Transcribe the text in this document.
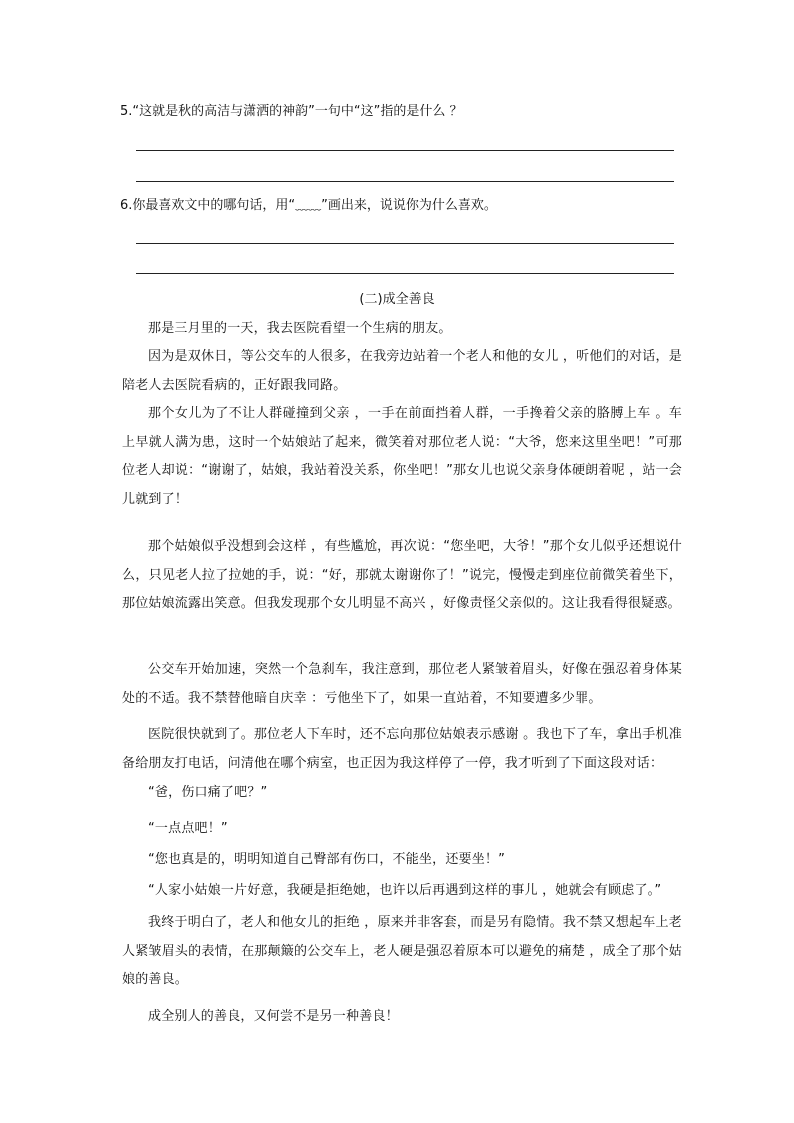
5.“这就是秋的高洁与潇洒的神韵”一句中“这”指的是什么 ？
6.你最喜欢文中的哪句话，用“﹏﹏”画出来，说说你为什么喜欢。
(二)成全善良

那是三月里的一天，我去医院看望一个生病的朋友。

因为是双休日，等公交车的人很多，在我旁边站着一个老人和他的女儿 ，听他们的对话，是陪老人去医院看病的，正好跟我同路。

那个女儿为了不让人群碰撞到父亲 ，一手在前面挡着人群，一手搀着父亲的胳膊上车 。车上早就人满为患，这时一个姑娘站了起来，微笑着对那位老人说：“大爷，您来这里坐吧！”可那位老人却说：“谢谢了，姑娘，我站着没关系，你坐吧！”那女儿也说父亲身体硬朗着呢 ，站一会儿就到了！

那个姑娘似乎没想到会这样 ，有些尴尬，再次说：“您坐吧，大爷！”那个女儿似乎还想说什么，只见老人拉了拉她的手，说：“好，那就太谢谢你了！”说完，慢慢走到座位前微笑着坐下，那位姑娘流露出笑意。但我发现那个女儿明显不高兴 ，好像责怪父亲似的。这让我看得很疑惑。

公交车开始加速，突然一个急刹车，我注意到，那位老人紧皱着眉头，好像在强忍着身体某处的不适。我不禁替他暗自庆幸 ：亏他坐下了，如果一直站着，不知要遭多少罪。

医院很快就到了。那位老人下车时，还不忘向那位姑娘表示感谢 。我也下了车，拿出手机准备给朋友打电话，问清他在哪个病室，也正因为我这样停了一停，我才听到了下面这段对话：

“爸，伤口痛了吧？”

“一点点吧！”

“您也真是的，明明知道自己臀部有伤口，不能坐，还要坐！”

“人家小姑娘一片好意，我硬是拒绝她，也许以后再遇到这样的事儿 ，她就会有顾虑了。”

我终于明白了，老人和他女儿的拒绝 ，原来并非客套，而是另有隐情。我不禁又想起车上老人紧皱眉头的表情，在那颠簸的公交车上，老人硬是强忍着原本可以避免的痛楚 ，成全了那个姑娘的善良。

成全别人的善良，又何尝不是另一种善良！
